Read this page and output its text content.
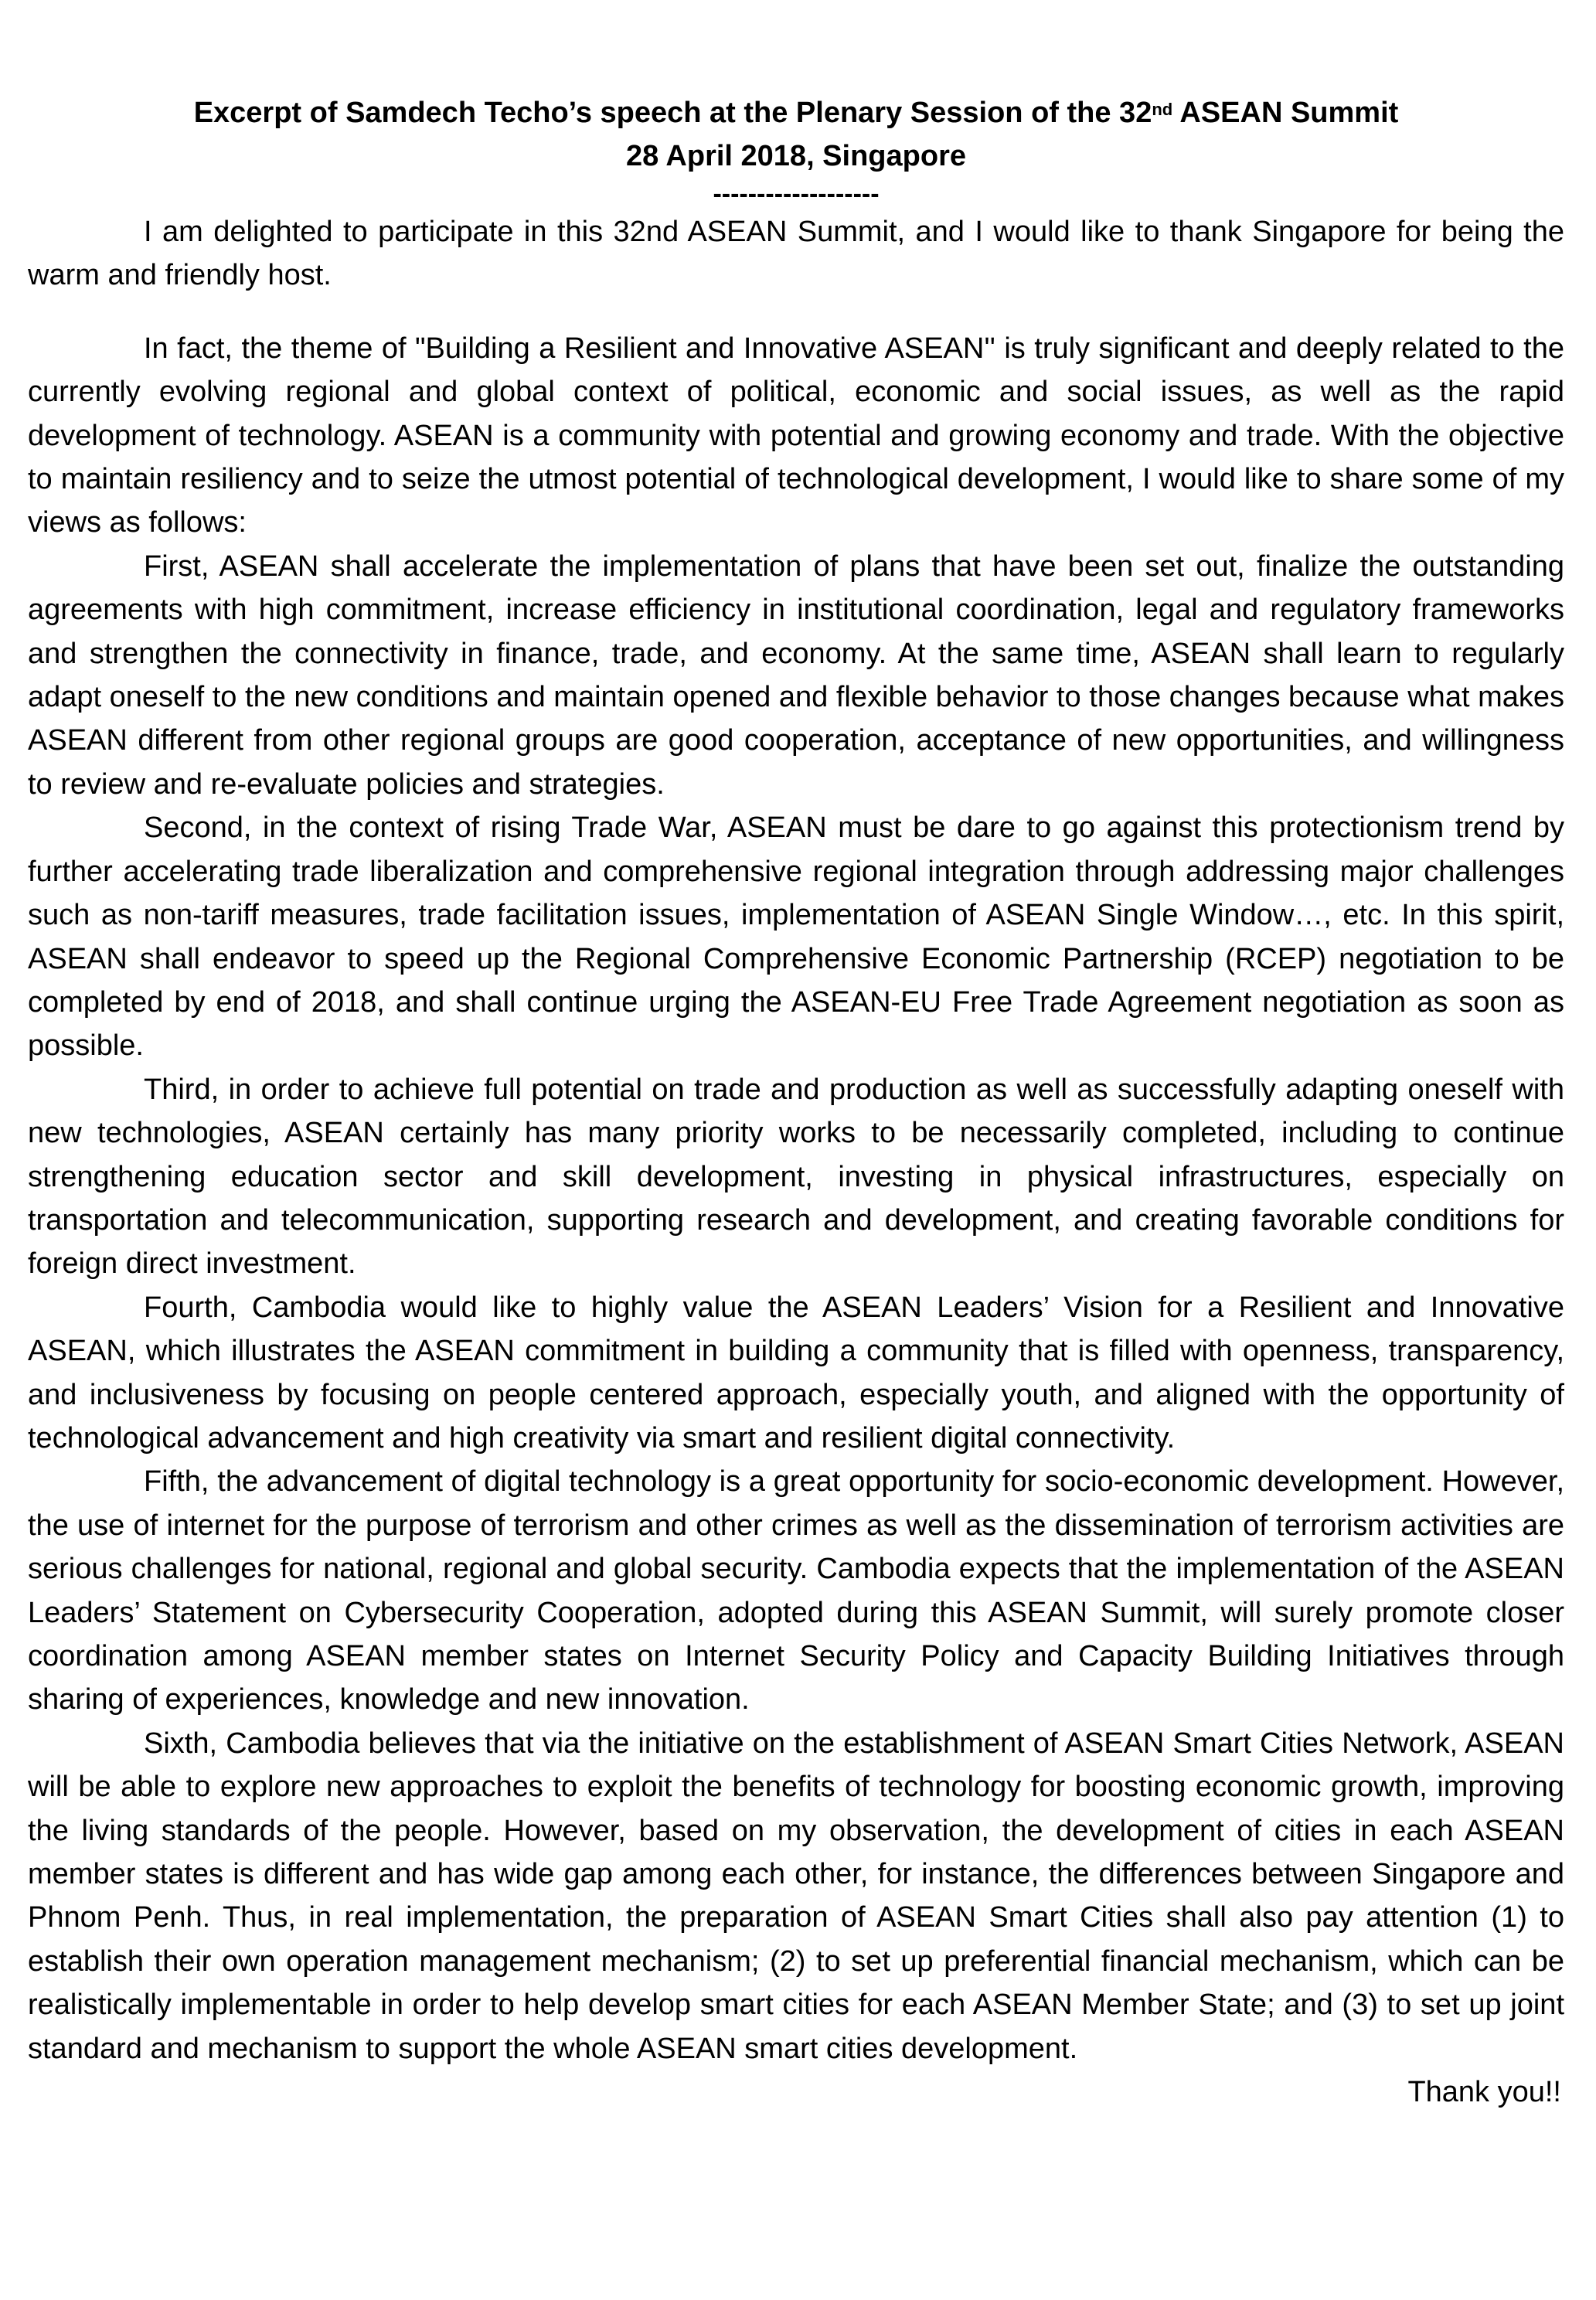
Excerpt of Samdech Techo’s speech at the Plenary Session of the 32nd ASEAN Summit

28 April 2018, Singapore

-------------------

I am delighted to participate in this 32nd ASEAN Summit, and I would like to thank Singapore for being the warm and friendly host.

In fact, the theme of "Building a Resilient and Innovative ASEAN'' is truly significant and deeply related to the currently evolving regional and global context of political, economic and social issues, as well as the rapid development of technology. ASEAN is a community with potential and growing economy and trade. With the objective to maintain resiliency and to seize the utmost potential of technological development, I would like to share some of my views as follows:

First, ASEAN shall accelerate the implementation of plans that have been set out, finalize the outstanding agreements with high commitment, increase efficiency in institutional coordination, legal and regulatory frameworks and strengthen the connectivity in finance, trade, and economy. At the same time, ASEAN shall learn to regularly adapt oneself to the new conditions and maintain opened and flexible behavior to those changes because what makes ASEAN different from other regional groups are good cooperation, acceptance of new opportunities, and willingness to review and re-evaluate policies and strategies.

Second, in the context of rising Trade War, ASEAN must be dare to go against this protectionism trend by further accelerating trade liberalization and comprehensive regional integration through addressing major challenges such as non-tariff measures, trade facilitation issues, implementation of ASEAN Single Window…, etc. In this spirit, ASEAN shall endeavor to speed up the Regional Comprehensive Economic Partnership (RCEP) negotiation to be completed by end of 2018, and shall continue urging the ASEAN-EU Free Trade Agreement negotiation as soon as possible.

Third, in order to achieve full potential on trade and production as well as successfully adapting oneself with new technologies, ASEAN certainly has many priority works to be necessarily completed, including to continue strengthening education sector and skill development, investing in physical infrastructures, especially on transportation and telecommunication, supporting research and development, and creating favorable conditions for foreign direct investment.

Fourth, Cambodia would like to highly value the ASEAN Leaders’ Vision for a Resilient and Innovative ASEAN, which illustrates the ASEAN commitment in building a community that is filled with openness, transparency, and inclusiveness by focusing on people centered approach, especially youth, and aligned with the opportunity of technological advancement and high creativity via smart and resilient digital connectivity.

Fifth, the advancement of digital technology is a great opportunity for socio-economic development. However, the use of internet for the purpose of terrorism and other crimes as well as the dissemination of terrorism activities are serious challenges for national, regional and global security. Cambodia expects that the implementation of the ASEAN Leaders’ Statement on Cybersecurity Cooperation, adopted during this ASEAN Summit, will surely promote closer coordination among ASEAN member states on Internet Security Policy and Capacity Building Initiatives through sharing of experiences, knowledge and new innovation.

Sixth, Cambodia believes that via the initiative on the establishment of ASEAN Smart Cities Network, ASEAN will be able to explore new approaches to exploit the benefits of technology for boosting economic growth, improving the living standards of the people. However, based on my observation, the development of cities in each ASEAN member states is different and has wide gap among each other, for instance, the differences between Singapore and Phnom Penh. Thus, in real implementation, the preparation of ASEAN Smart Cities shall also pay attention (1) to establish their own operation management mechanism; (2) to set up preferential financial mechanism, which can be realistically implementable in order to help develop smart cities for each ASEAN Member State; and (3) to set up joint standard and mechanism to support the whole ASEAN smart cities development.

Thank you!!
